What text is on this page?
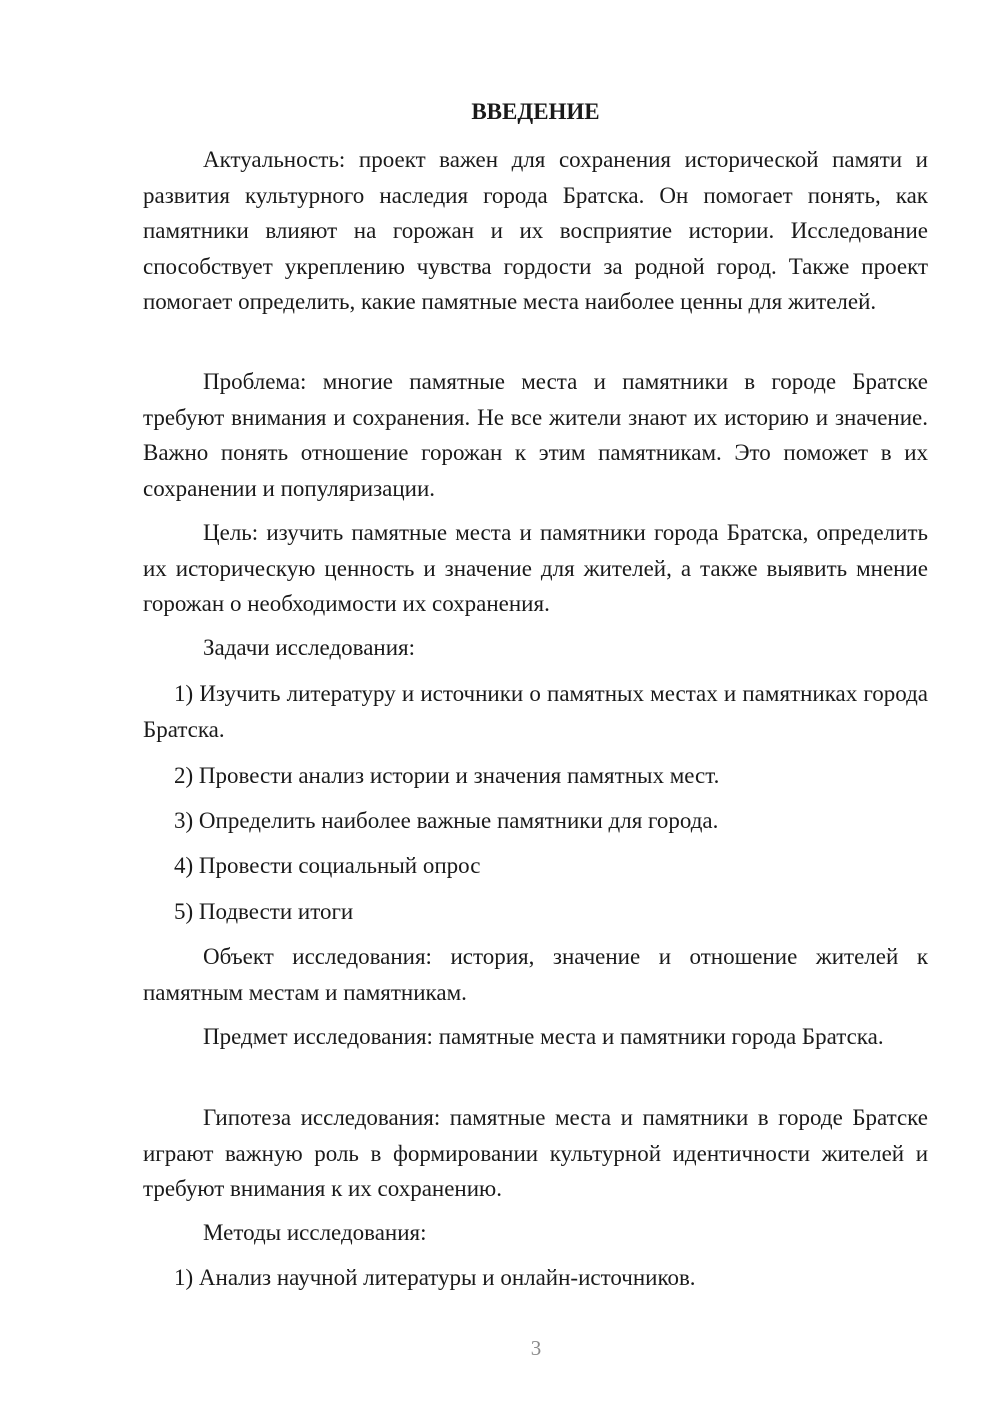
ВВЕДЕНИЕ

Актуальность: проект важен для сохранения исторической памяти и развития культурного наследия города Братска. Он помогает понять, как памятники влияют на горожан и их восприятие истории. Исследование способствует укреплению чувства гордости за родной город. Также проект помогает определить, какие памятные места наиболее ценны для жителей.

Проблема: многие памятные места и памятники в городе Братске требуют внимания и сохранения. Не все жители знают их историю и значение. Важно понять отношение горожан к этим памятникам. Это поможет в их сохранении и популяризации.

Цель: изучить памятные места и памятники города Братска, определить их историческую ценность и значение для жителей, а также выявить мнение горожан о необходимости их сохранения.

Задачи исследования:

1) Изучить литературу и источники о памятных местах и памятниках города Братска.

2) Провести анализ истории и значения памятных мест.

3) Определить наиболее важные памятники для города.

4) Провести социальный опрос

5) Подвести итоги

Объект исследования: история, значение и отношение жителей к памятным местам и памятникам.

Предмет исследования: памятные места и памятники города Братска.

Гипотеза исследования: памятные места и памятники в городе Братске играют важную роль в формировании культурной идентичности жителей и требуют внимания к их сохранению.

Методы исследования:

1) Анализ научной литературы и онлайн-источников.

3
